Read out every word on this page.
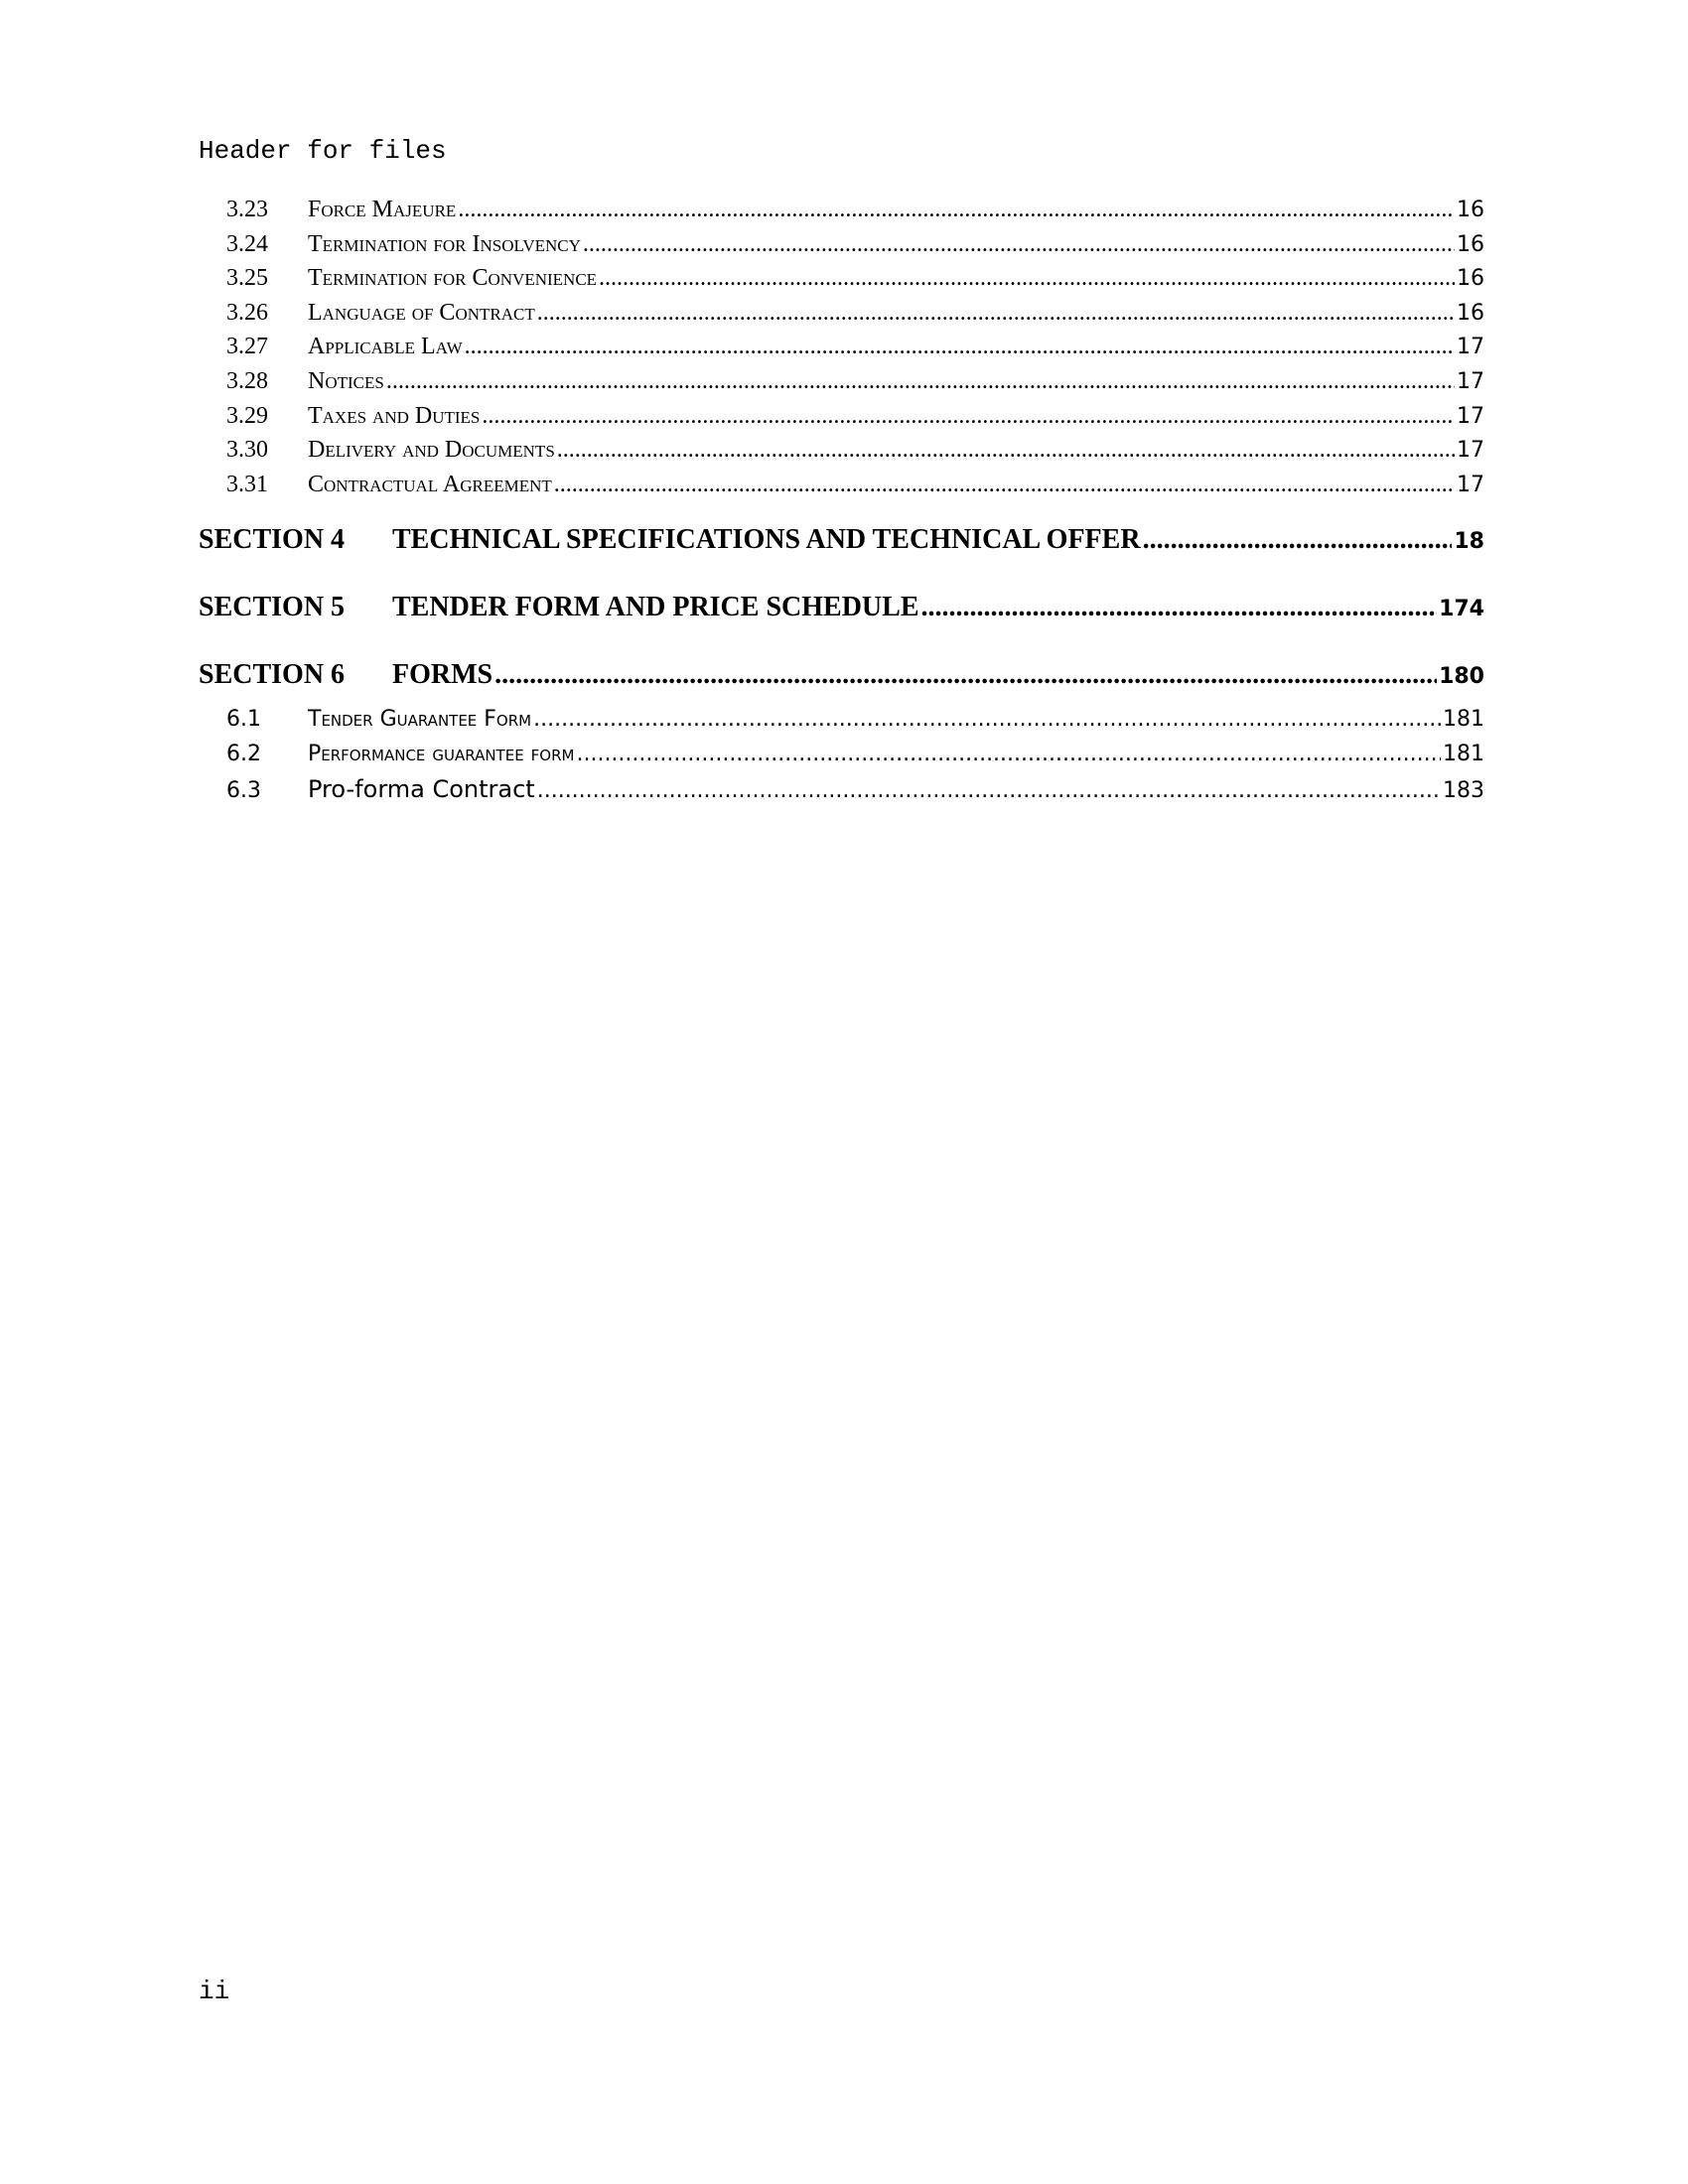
Header for files
3.23	Force Majeure .....	16
3.24	Termination for Insolvency .....	16
3.25	Termination for Convenience .....	16
3.26	Language of Contract .....	16
3.27	Applicable Law .....	17
3.28	Notices .....	17
3.29	Taxes and Duties .....	17
3.30	Delivery and Documents .....	17
3.31	Contractual Agreement .....	17
SECTION 4	TECHNICAL SPECIFICATIONS AND TECHNICAL OFFER .....	18
SECTION 5	TENDER FORM AND PRICE SCHEDULE .....	174
SECTION 6	FORMS .....	180
6.1	Tender Guarantee Form .....	181
6.2	Performance guarantee form .....	181
6.3	Pro-forma Contract .....	183
ii
